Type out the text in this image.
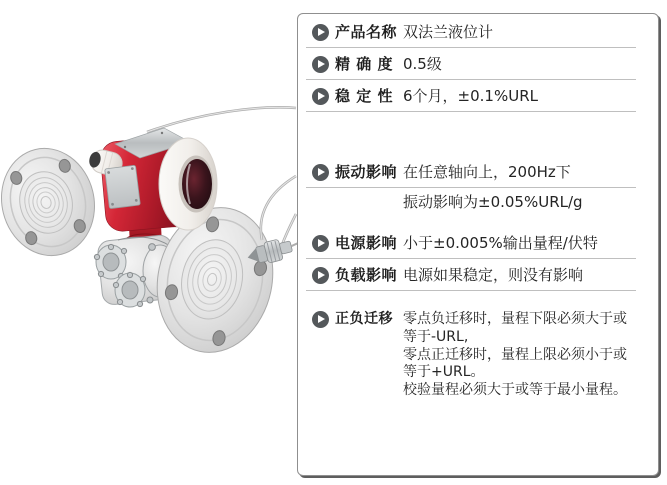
产品名称 双法兰液位计
精 确 度 0.5级
稳 定 性 6个月，±0.1%URL
振动影响 在任意轴向上，200Hz下
振动影响为±0.05%URL/g
电源影响 小于±0.005%输出量程/伏特
负载影响 电源如果稳定，则没有影响
正负迁移 零点负迁移时，量程下限必须大于或
等于-URL,
零点正迁移时，量程上限必须小于或
等于+URL。
校验量程必须大于或等于最小量程。
